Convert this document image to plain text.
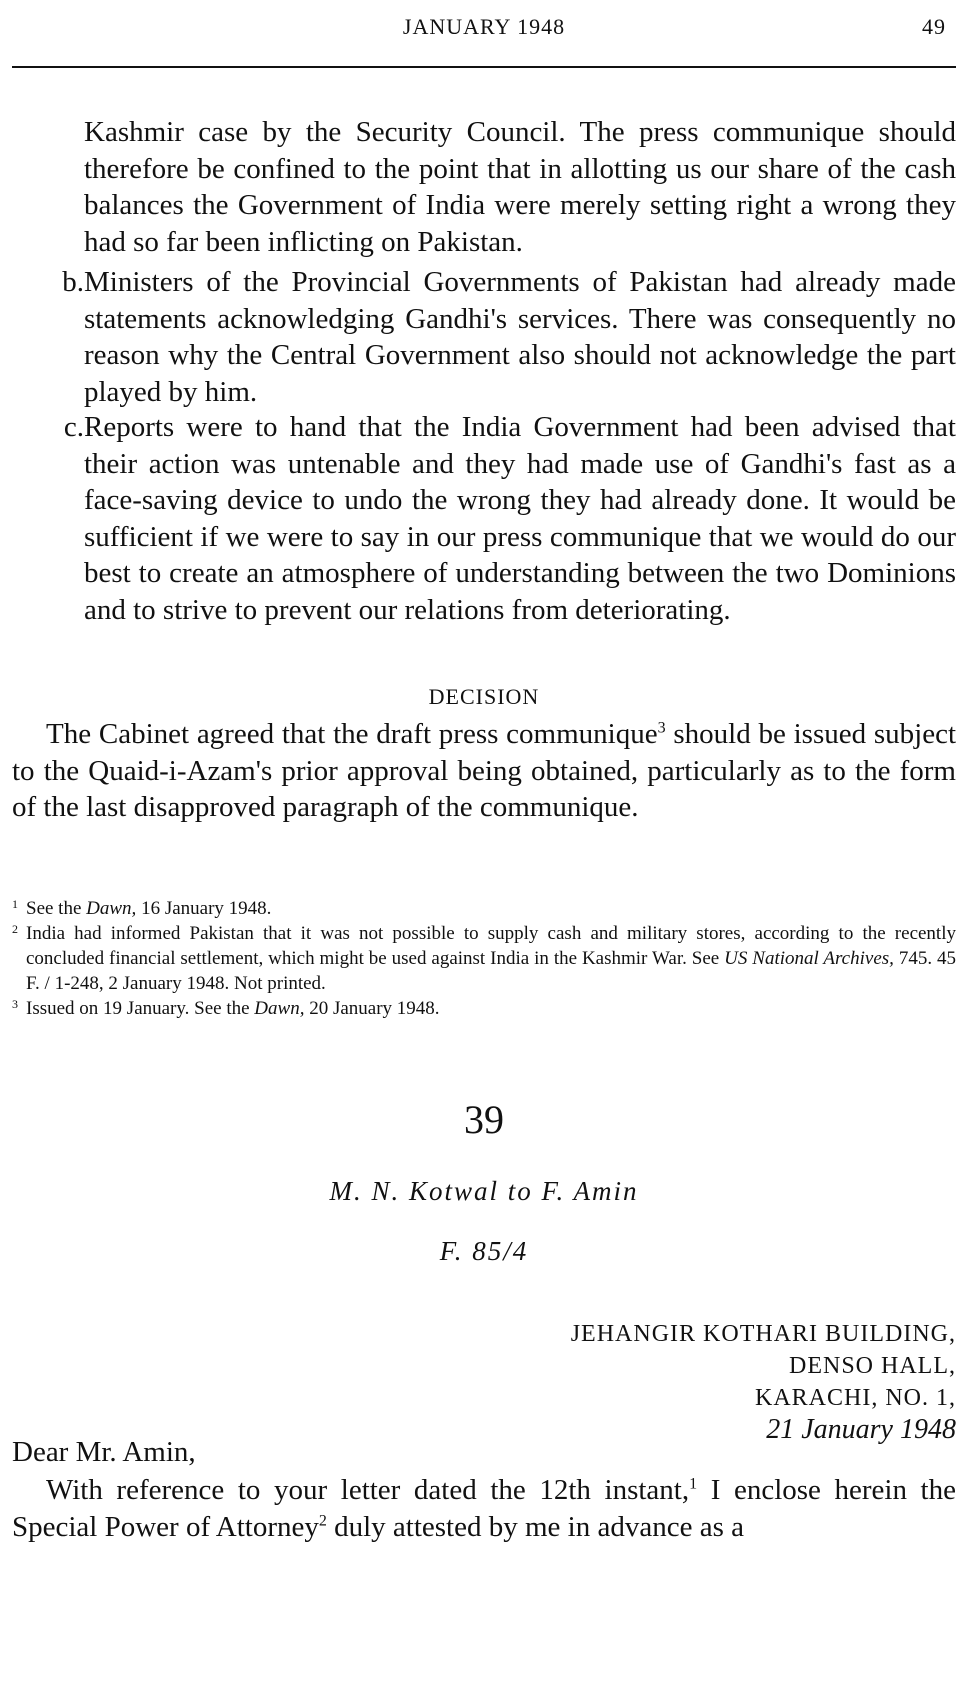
JANUARY 1948	49
Kashmir case by the Security Council. The press communique should therefore be confined to the point that in allotting us our share of the cash balances the Government of India were merely setting right a wrong they had so far been inflicting on Pakistan.
b. Ministers of the Provincial Governments of Pakistan had already made statements acknowledging Gandhi's services. There was consequently no reason why the Central Government also should not acknowledge the part played by him.
c. Reports were to hand that the India Government had been advised that their action was untenable and they had made use of Gandhi's fast as a face-saving device to undo the wrong they had already done. It would be sufficient if we were to say in our press communique that we would do our best to create an atmosphere of understanding between the two Dominions and to strive to prevent our relations from deteriorating.
DECISION
The Cabinet agreed that the draft press communique$^3$ should be issued subject to the Quaid-i-Azam's prior approval being obtained, particularly as to the form of the last disapproved paragraph of the communique.
1 See the Dawn, 16 January 1948.
2 India had informed Pakistan that it was not possible to supply cash and military stores, according to the recently concluded financial settlement, which might be used against India in the Kashmir War. See US National Archives, 745. 45 F. / 1-248, 2 January 1948. Not printed.
3 Issued on 19 January. See the Dawn, 20 January 1948.
39
M. N. Kotwal to F. Amin
F. 85/4
JEHANGIR KOTHARI BUILDING,
DENSO HALL,
KARACHI, NO. 1,
21 January 1948
Dear Mr. Amin,
With reference to your letter dated the 12th instant,$^1$ I enclose herein the Special Power of Attorney$^2$ duly attested by me in advance as a
